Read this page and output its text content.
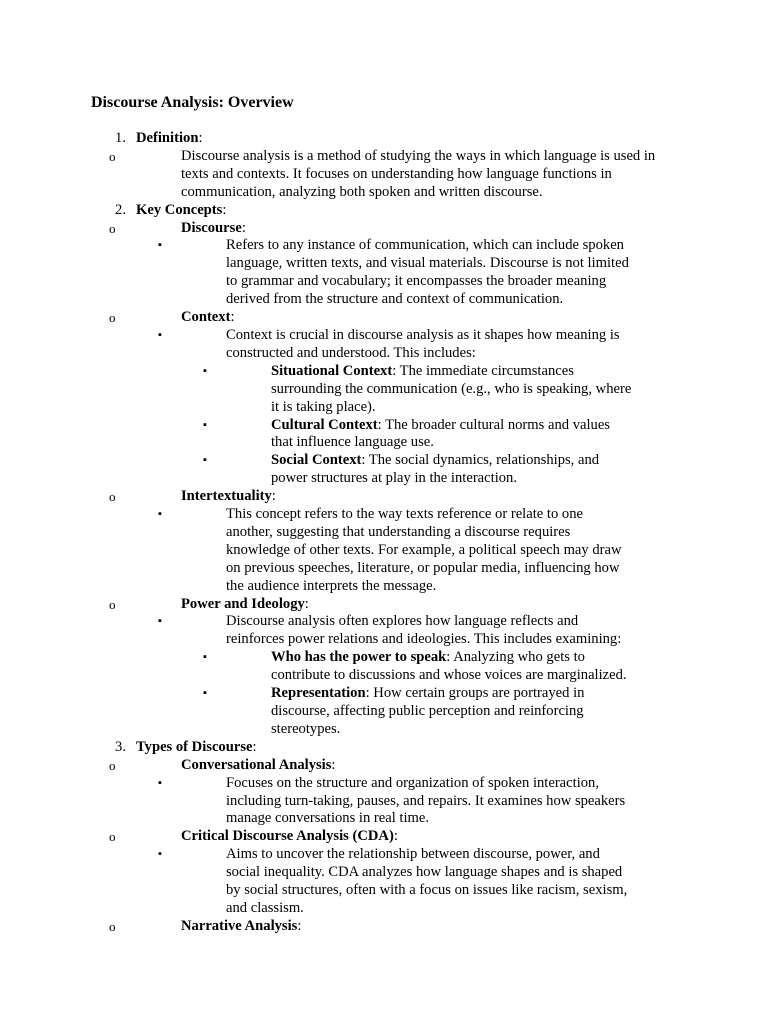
Discourse Analysis: Overview
1. Definition:
o	Discourse analysis is a method of studying the ways in which language is used in texts and contexts. It focuses on understanding how language functions in communication, analyzing both spoken and written discourse.
2. Key Concepts:
o	Discourse:
▪	Refers to any instance of communication, which can include spoken language, written texts, and visual materials. Discourse is not limited to grammar and vocabulary; it encompasses the broader meaning derived from the structure and context of communication.
o	Context:
▪	Context is crucial in discourse analysis as it shapes how meaning is constructed and understood. This includes:
▪	Situational Context: The immediate circumstances surrounding the communication (e.g., who is speaking, where it is taking place).
▪	Cultural Context: The broader cultural norms and values that influence language use.
▪	Social Context: The social dynamics, relationships, and power structures at play in the interaction.
o	Intertextuality:
▪	This concept refers to the way texts reference or relate to one another, suggesting that understanding a discourse requires knowledge of other texts. For example, a political speech may draw on previous speeches, literature, or popular media, influencing how the audience interprets the message.
o	Power and Ideology:
▪	Discourse analysis often explores how language reflects and reinforces power relations and ideologies. This includes examining:
▪	Who has the power to speak: Analyzing who gets to contribute to discussions and whose voices are marginalized.
▪	Representation: How certain groups are portrayed in discourse, affecting public perception and reinforcing stereotypes.
3. Types of Discourse:
o	Conversational Analysis:
▪	Focuses on the structure and organization of spoken interaction, including turn-taking, pauses, and repairs. It examines how speakers manage conversations in real time.
o	Critical Discourse Analysis (CDA):
▪	Aims to uncover the relationship between discourse, power, and social inequality. CDA analyzes how language shapes and is shaped by social structures, often with a focus on issues like racism, sexism, and classism.
o	Narrative Analysis:
